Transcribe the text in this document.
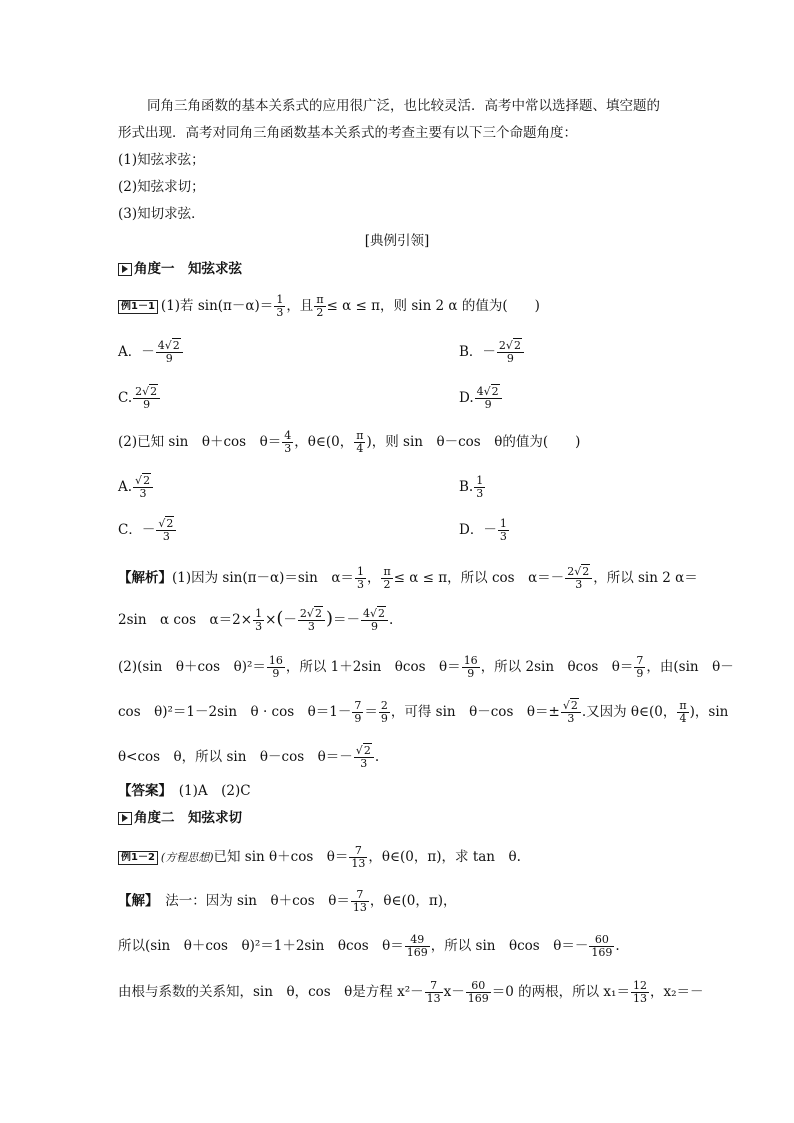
同角三角函数的基本关系式的应用很广泛，也比较灵活．高考中常以选择题、填空题的
形式出现．高考对同角三角函数基本关系式的考查主要有以下三个命题角度：
(1)知弦求弦；
(2)知弦求切；
(3)知切求弦．
[典例引领]
角度一　知弦求弦
例1－1 (1)若 $\sin(\pi-\alpha)= \frac{1}{3}$ ，且 $\frac{\pi}{2} \le \alpha \le \pi$，则 sin 2 α 的值为(　　)
A．－ $\frac{4√2}{9}$	B．－ $\frac{2√2}{9}$
C. $\frac{2√2}{9}$	D. $\frac{4√2}{9}$
(2)已知 sin　θ＋cos　$\theta= \frac{4}{3}$ ，θ∈(0， $\frac{\pi}{4}$ )，则 sin　θ－cos　θ的值为(　　)
A. $\frac{√2}{3}$	B. $\frac{1}{3}$
C．－ $\frac{√2}{3}$	D．－ $\frac{1}{3}$
【解析】(1)因为 sin(π－α)＝sin　$\alpha= \frac{1}{3}$ ， $\frac{\pi}{2} \le \alpha \le \pi$，所以 cos　$\alpha=- \frac{2√2}{3}$ ，所以 sin 2 α＝
2sin　α cos　$\alpha=2\times \frac{1}{3}$ ×(－ $\frac{2√2}{3}$ )＝－ $\frac{4√2}{9}$ .
(2)(sin　θ＋cos　$\theta)^2= \frac{16}{9}$ ，所以 1＋2sin　θcos　$\theta= \frac{16}{9}$ ，所以 2sin　θcos　$\theta= \frac{7}{9}$ ，由(sin　θ－
cos　θ)²＝1－2sin　θ · cos　$\theta=1- \frac{7}{9} = \frac{2}{9}$ ，可得 sin　θ－cos　$\theta=\pm \frac{√2}{3}$ .又因为 θ∈(0， $\frac{\pi}{4}$ )，sin
θ<cos　θ，所以 sin　θ－cos　$\theta=- \frac{√2}{3}$ .
【答案】　 (1)A　(2)C
角度二　知弦求切
例1－2 (方程思想)已知 sin θ＋cos　$\theta= \frac{7}{13}$ ，θ∈(0，π)，求 tan　θ.
【解】　 法一：因为 sin　θ＋cos　$\theta= \frac{7}{13}$ ，θ∈(0，π)，
所以(sin　θ＋cos　θ)²＝1＋2sin　θcos　$\theta= \frac{49}{169}$ ，所以 sin　θcos　$\theta=- \frac{60}{169}$ .
由根与系数的关系知，sin　θ，cos　θ是方程 $x^2- \frac{7}{13} x- \frac{60}{169} =0$ 的两根，所以 $x_1= \frac{12}{13}$ ，x₂＝－
